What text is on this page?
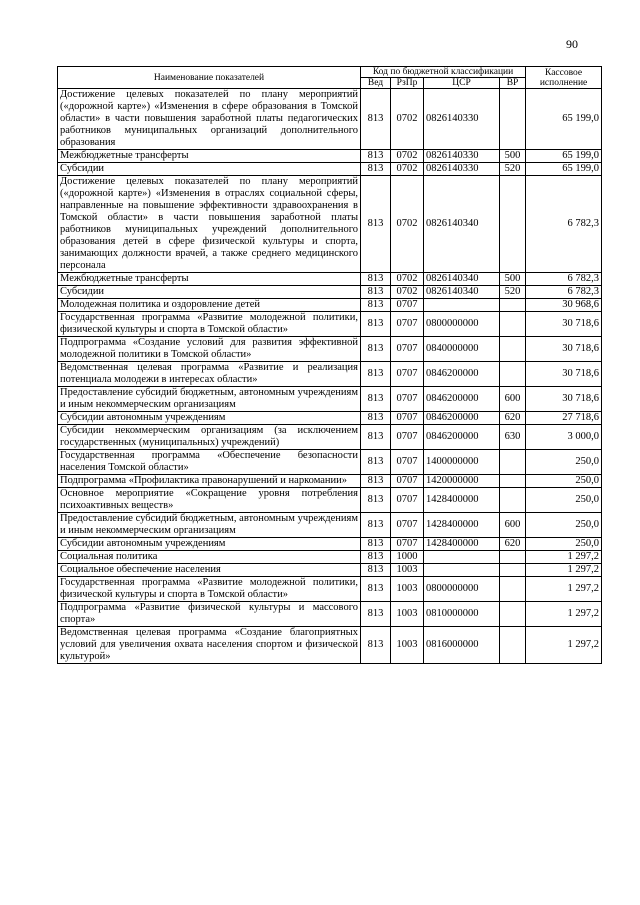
90
Наименование показателей	Код по бюджетной классификации				Кассовое исполнение
	Вед	РзПр	ЦСР	ВР	
Достижение целевых показателей по плану мероприятий («дорожной карте») «Изменения в сфере образования в Томской области» в части повышения заработной платы педагогических работников муниципальных организаций дополнительного образования	813	0702	0826140330		65 199,0
Межбюджетные трансферты	813	0702	0826140330	500	65 199,0
Субсидии	813	0702	0826140330	520	65 199,0
Достижение целевых показателей по плану мероприятий («дорожной карте») «Изменения в отраслях социальной сферы, направленные на повышение эффективности здравоохранения в Томской области» в части повышения заработной платы работников муниципальных учреждений дополнительного образования детей в сфере физической культуры и спорта, занимающих должности врачей, а также среднего медицинского персонала	813	0702	0826140340		6 782,3
Межбюджетные трансферты	813	0702	0826140340	500	6 782,3
Субсидии	813	0702	0826140340	520	6 782,3
Молодежная политика и оздоровление детей	813	0707			30 968,6
Государственная программа «Развитие молодежной политики, физической культуры и спорта в Томской области»	813	0707	0800000000		30 718,6
Подпрограмма «Создание условий для развития эффективной молодежной политики в Томской области»	813	0707	0840000000		30 718,6
Ведомственная целевая программа «Развитие и реализация потенциала молодежи в интересах области»	813	0707	0846200000		30 718,6
Предоставление субсидий бюджетным, автономным учреждениям и иным некоммерческим организациям	813	0707	0846200000	600	30 718,6
Субсидии автономным учреждениям	813	0707	0846200000	620	27 718,6
Субсидии некоммерческим организациям (за исключением государственных (муниципальных) учреждений)	813	0707	0846200000	630	3 000,0
Государственная программа «Обеспечение безопасности населения Томской области»	813	0707	1400000000		250,0
Подпрограмма «Профилактика правонарушений и наркомании»	813	0707	1420000000		250,0
Основное мероприятие «Сокращение уровня потребления психоактивных веществ»	813	0707	1428400000		250,0
Предоставление субсидий бюджетным, автономным учреждениям и иным некоммерческим организациям	813	0707	1428400000	600	250,0
Субсидии автономным учреждениям	813	0707	1428400000	620	250,0
Социальная политика	813	1000			1 297,2
Социальное обеспечение населения	813	1003			1 297,2
Государственная программа «Развитие молодежной политики, физической культуры и спорта в Томской области»	813	1003	0800000000		1 297,2
Подпрограмма «Развитие физической культуры и массового спорта»	813	1003	0810000000		1 297,2
Ведомственная целевая программа «Создание благоприятных условий для увеличения охвата населения спортом и физической культурой»	813	1003	0816000000		1 297,2
